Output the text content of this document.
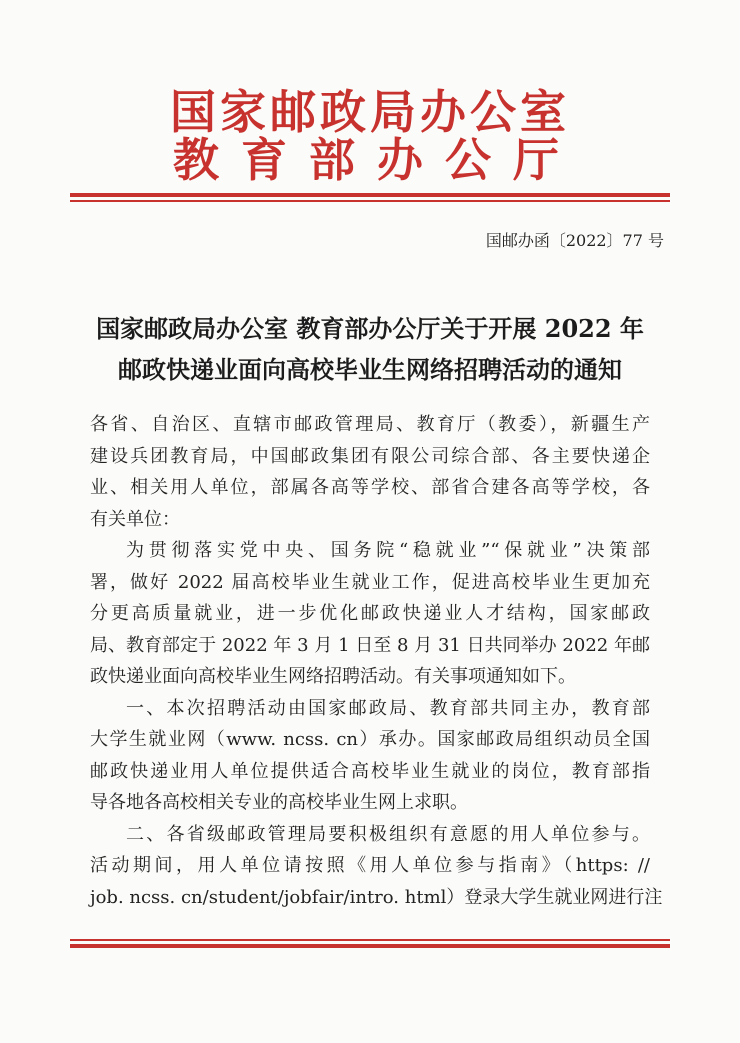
国家邮政局办公室
教育部办公厅
国邮办函〔2022〕77 号
国家邮政局办公室 教育部办公厅关于开展 2022 年
邮政快递业面向高校毕业生网络招聘活动的通知
各省、自治区、直辖市邮政管理局、教育厅（教委），新疆生产
建设兵团教育局，中国邮政集团有限公司综合部、各主要快递企
业、相关用人单位，部属各高等学校、部省合建各高等学校，各
有关单位：
为贯彻落实党中央、国务院“稳就业”“保就业”决策部
署，做好 2022 届高校毕业生就业工作，促进高校毕业生更加充
分更高质量就业，进一步优化邮政快递业人才结构，国家邮政
局、教育部定于 2022 年 3 月 1 日至 8 月 31 日共同举办 2022 年邮
政快递业面向高校毕业生网络招聘活动。有关事项通知如下。
一、本次招聘活动由国家邮政局、教育部共同主办，教育部
大学生就业网（www. ncss. cn）承办。国家邮政局组织动员全国
邮政快递业用人单位提供适合高校毕业生就业的岗位，教育部指
导各地各高校相关专业的高校毕业生网上求职。
二、各省级邮政管理局要积极组织有意愿的用人单位参与。
活动期间，用人单位请按照《用人单位参与指南》（https: //
job. ncss. cn/student/jobfair/intro. html）登录大学生就业网进行注
